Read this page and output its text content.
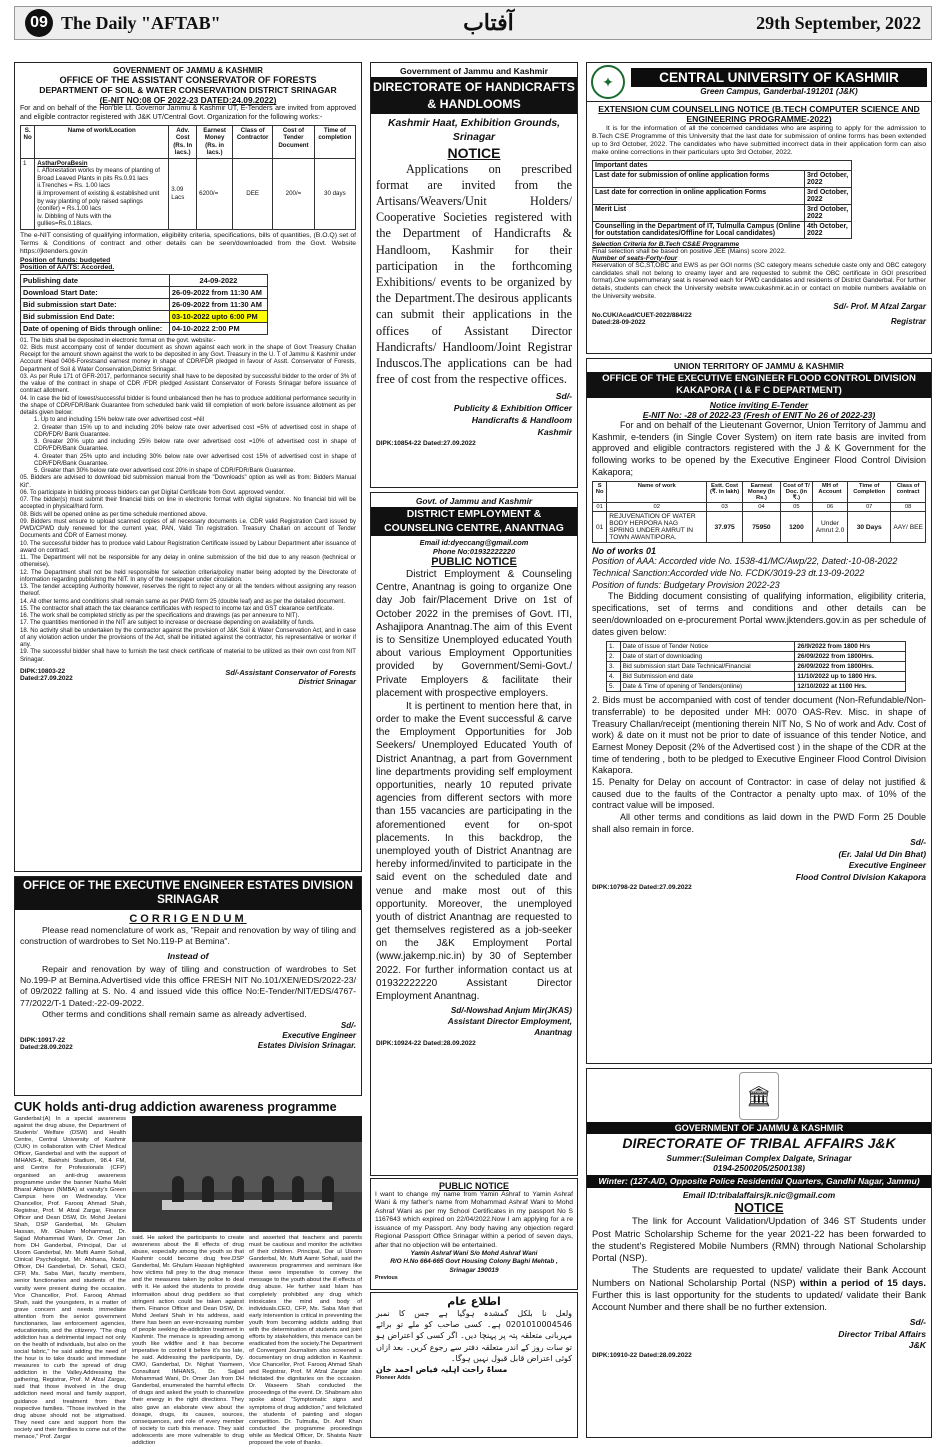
09 The Daily "AFTAB"	آفتاب	29th September, 2022
GOVERNMENT OF JAMMU & KASHMIR
OFFICE OF THE ASSISTANT CONSERVATOR OF FORESTS
DEPARTMENT OF SOIL & WATER CONSERVATION DISTRICT SRINAGAR
(E-NIT NO:08 OF 2022-23 DATED:24.09.2022)
For and on behalf of the Hon'ble Lt. Governor Jammu & Kashmir UT, E-Tenders are invited from approved and eligible contractor registered with J&K UT/Central Govt. Organization for the following works:-
S. No	Name of work/Location	Adv. Cost (Rs. In lacs.)	Earnest Money (Rs. in lacs.)	Class of Contractor	Cost of Tender Document	Time of completion
1	AstharPoraBesin
i. Afforestation works by means of planting of Broad Leaved Plants in pits Rs.0.91 lacs
ii.Trenches = Rs. 1.00 lacs
iii.Improvement of existing & established unit by way planting of poly raised saplings (conifer) = Rs.1.00 lacs
iv. Dibbling of Nuts with the gullies=Rs.0.18lacs.	3.09 Lacs	6200/=	DEE	200/=	30 days
The e-NIT consisting of qualifying information, eligibility criteria, specifications, bills of quantities, (B.O.Q) set of Terms & Conditions of contract and other details can be seen/downloaded from the Govt. Website https://jktenders.gov.in
Position of funds: budgeted
Position of AA/TS: Accorded.
Publishing date	24-09-2022
Download Start Date:	26-09-2022 from 11:30 AM
Bid submission start Date:	26-09-2022 from 11:30 AM
Bid submission End Date:	03-10-2022 upto 6:00 PM
Date of opening of Bids through online:	04-10-2022 2:00 PM

01. The bids shall be deposited in electronic format on the govt. website:-

02. Bids must accompany cost of tender document as shown against each work in the shape of Govt Treasury Challan Receipt for the amount shown against the work to be deposited in any Govt. Treasury in the U. T of Jammu & Kashmir under Account Head 0406-Forestsand earnest money in shape of CDR/FDR pledged in favour of Asstt. Conservator of Forests, Department of Soil & Water Conservation,District Srinagar.

03. As per Rule 171 of GFR-2017, performance security shall have to be deposited by successful bidder to the order of 3% of the value of the contract in shape of CDR /FDR pledged Assistant Conservator of Forests Srinagar before issuance of contract allotment.

04. In case the bid of lowest/successful bidder is found unbalanced then he has to produce additional performance security in the shape of CDR/FDR/Bank Guarantee from scheduled bank valid till completion of work before issuance allotment as per details given below:

1. Up to and including 15% below rate over advertised cost =Nil

2. Greater than 15% up to and including 20% below rate over advertised cost =5% of advertised cost in shape of CDR/FDR/ Bank Guarantee.

3. Greater 20% upto and including 25% below rate over advertised cost =10% of advertised cost in shape of CDR/FDR/Bank Guarantee.

4. Greater than 25% upto and including 30% below rate over advertised cost 15% of advertised cost in shape of CDR/FDR/Bank Guarantee.

5. Greater than 30% below rate over advertised cost 20% in shape of CDR/FDR/Bank Guarantee.

05. Bidders are advised to download bid submission manual from the "Downloads" option as well as from: Bidders Manual Kit".

06. To participate in bidding process bidders can get Digital Certificate from Govt. approved vendor.

07. The bidder(s) must submit their financial bids on line in electronic format with digital signature. No financial bid will be accepted in physical/hard form.

08. Bids will be opened online as per time schedule mentioned above.

09. Bidders must ensure to upload scanned copies of all necessary documents i.e. CDR valid Registration Card issued by PWD/CPWD duly renewed for the current year, PAN, Valid Tin registration. Treasury Challan on account of Tender Documents and CDR of Earnest money.

10. The successful bidder has to produce valid Labour Registration Certificate issued by Labour Department after issuance of award on contract.

11. The Department will not be responsible for any delay in online submission of the bid due to any reason (technical or otherwise).

12. The Department shall not be held responsible for selection criteria/policy matter being adopted by the Directorate of information regarding publishing the NIT. In any of the newspaper under circulation.

13. The tender accepting Authority however, reserves the right to reject any or all the tenders without assigning any reason thereof.

14. All other terms and conditions shall remain same as per PWD form 25 (double leaf) and as per the detailed document.

15. The contractor shall attach the tax clearance certificates with respect to income tax and GST clearance certificate.

16. The work shall be completed strictly as per the specifications and drawings (as per annexure to NIT).

17. The quantities mentioned in the NIT are subject to increase or decrease depending on availability of funds.

18. No activity shall be undertaken by the contractor against the provision of J&K Soil & Water Conservation Act, and in case of any violation action under the provisions of the Act, shall be initiated against the contractor, his representative or worker if any.

19. The successful bidder shall have to furnish the test check certificate of material to be utilized as their own cost from NIT Srinagar.

DIPK:10803-22
Dated:27.09.2022
Sd/-Assistant Conservator of Forests
District Srinagar
OFFICE OF THE EXECUTIVE ENGINEER ESTATES DIVISION SRINAGAR
CORRIGENDUM
Please read nomenclature of work as, "Repair and renovation by way of tiling and construction of wardrobes to Set No.119-P at Bemina".
Instead of
Repair and renovation by way of tiling and construction of wardrobes to Set No.199-P at Bemina.Advertised vide this office FRESH NIT No.101/XEN/EDS/2022-23/ of 09/2022 falling at S. No. 4 and issued vide this office No:E-Tender/NIT/EDS/4767-77/2022/T-1 Dated:-22-09-2022.
Other terms and conditions shall remain same as already advertised.
DIPK:10917-22
Dated:28.09.2022
Sd/-
Executive Engineer
Estates Division Srinagar.
CUK holds anti-drug addiction awareness programme
Ganderbal:(A) In a special awareness against the drug abuse, the Department of Students' Welfare (DSW) and Health Centre, Central University of Kashmir (CUK) in collaboration with Chief Medical Officer, Ganderbal and with the support of IMHANS-K, Bakhshi Stadium, 98.4 FM, and Centre for Professionals (CFP) organised an anti-drug awareness programme under the banner Nasha Mukt Bharat Abhiyan (NMBA) at varsity's Green Campus here on Wednesday. Vice Chancellor, Prof. Farooq Ahmad Shah, Registrar, Prof. M Afzal Zargar, Finance Officer and Dean DSW, Dr. Mohd Jeelani Shah, DSP Ganderbal, Mr. Ghulam Hassan, Mr. Ghulam Mohammad, Dr. Sajjad Mohammad Wani, Dr. Omer Jan from DH Ganderbal, Principal, Dar ul Uloom Ganderbal, Mr. Mufti Aamir Sohail, Clinical Psychologist, Mr. Afshana, Nodal Officer, DH Ganderbal, Dr. Sohail, CEO, CFP, Ms. Saba Mari, faculty members, senior functionaries and students of the varsity were present during the occasion. Vice Chancellor, Prof. Farooq Ahmad Shah, said the youngsters, in a matter of grave concern and needs immediate attention from the senior government functionaries, law enforcement agencies, educationists, and the citizenry. "The drug addiction has a detrimental impact not only on the health of individuals, but also on the social fabric," he said adding the need of the hour is to take drastic and immediate measures to curb the spread of drug addiction in the Valley.Addressing the gathering, Registrar, Prof. M Afzal Zargar, said that those involved in the drug addiction need moral and family support, guidance and treatment from their respective families. "Those involved in the drug abuse should not be stigmatised. They need care and support from the society and their families to come out of the menace," Prof. Zargar
said. He asked the participants to create awareness about the ill effects of drug abuse, especially among the youth so that Kashmir could become drug free.DSP Ganderbal, Mr. Ghulam Hassan highlighted how victims fall prey to the drug menace and the measures taken by police to deal with it. He asked the students to provide information about drug peddlers so that stringent action could be taken against them. Finance Officer and Dean DSW, Dr. Mohd Jeelani Shah in his address, said there has been an ever-increasing number of people seeking de-addiction treatment in Kashmir. The menace is spreading among youth like wildfire and it has become imperative to control it before it's too late, he said. Addressing the participants, Dy. CMO, Ganderbal, Dr. Nighat Yasmeen, Consultant IMHANS, Dr. Sajjad Mohammad Wani, Dr. Omer Jan from DH Ganderbal, enumerated the harmful effects of drugs and asked the youth to channelize their energy in the right directions. They also gave an elaborate view about the dosage, drugs, its causes, sources, consequences, and role of every member of society to curb this menace. They said adolescents are more vulnerable to drug addiction
and asserted that teachers and parents must be cautious and monitor the activities of their children. Principal, Dar ul Uloom Ganderbal, Mr. Mufti Aamir Sohail, said the awareness programmes and seminars like these were imperative to convey the message to the youth about the ill effects of drug abuse. He further said Islam has completely prohibited any drug which intoxicates the mind and body of individuals.CEO, CFP, Ms. Saba Mari that early intervention is critical in preventing the youth from becoming addicts adding that with the determination of students and joint efforts by stakeholders, this menace can be eradicated from the society.The Department of Convergent Journalism also screened a documentary on drug addiction in Kashmir. Vice Chancellor, Prof. Farooq Ahmad Shah and Registrar, Prof. M Afzal Zargar also felicitated the dignitaries on the occasion. Dr. Waseem Shah conducted the proceedings of the event. Dr. Shabnam also spoke about "Symptomatic signs and symptoms of drug addiction," and felicitated the students of painting and slogan competition. Dr. Tulmulla, Dr. Asif Khan conducted the programme proceedings while as Medical Officer, Dr. Shaista Nazir proposed the vote of thanks.
Government of Jammu and Kashmir
DIRECTORATE OF HANDICRAFTS & HANDLOOMS
Kashmir Haat, Exhibition Grounds, Srinagar
NOTICE
Applications on prescribed format are invited from the Artisans/Weavers/Unit Holders/ Cooperative Societies registered with the Department of Handicrafts & Handloom, Kashmir for their participation in the forthcoming Exhibitions/ events to be organized by the Department.The desirous applicants can submit their applications in the offices of Assistant Director Handicrafts/ Handloom/Joint Registrar Induscos.The applications can be had free of cost from the respective offices.
Sd/-
Publicity & Exhibition Officer
Handicrafts & Handloom
Kashmir
DIPK:10854-22 Dated:27.09.2022
Govt. of Jammu and Kashmir
DISTRICT EMPLOYMENT & COUNSELING CENTRE, ANANTNAG
Email id:dyeccang@gmail.com
Phone No:01932222220
PUBLIC NOTICE
District Employment & Counseling Centre, Anantnag is going to organize One day Job fair/Placement Drive on 1st of October 2022 in the premises of Govt. ITI, Ashajipora Anantnag.The aim of this Event is to Sensitize Unemployed educated Youth about various Employment Opportunities provided by Government/Semi-Govt./ Private Employers & facilitate their placement with prospective employers.
It is pertinent to mention here that, in order to make the Event successful & carve the Employment Opportunities for Job Seekers/ Unemployed Educated Youth of District Anantnag, a part from Government line departments providing self employment opportunities, nearly 10 reputed private agencies from different sectors with more than 155 vacancies are participating in the aforementioned event for on-spot placements. In this backdrop, the unemployed youth of District Anantnag are hereby informed/invited to participate in the said event on the scheduled date and venue and make most out of this opportunity. Moreover, the unemployed youth of district Anantnag are requested to get themselves registered as a job-seeker on the J&K Employment Portal (www.jakemp.nic.in) by 30 of September 2022. For further information contact us at 01932222220 Assistant Director Employment Anantnag.
Sd/-Nowshad Anjum Mir(JKAS)
Assistant Director Employment,
Anantnag
DIPK:10924-22 Dated:28.09.2022
PUBLIC NOTICE
I want to change my name from Yamin Ashraf to Yamin Ashraf Wani & my father's name from Mohammad Ashraf Wani to Mohd Ashraf Wani as per my School Certificates in my passport No S 1167643 which expired on 22/04/2022.Now I am applying for a re issuance of my Passport. Any body having any objection regard Regional Passport Office Srinagar within a period of seven days, after that no objection will be entertained.
Yamin Ashraf Wani S/o Mohd Ashraf Wani
R/O H.No 664-665 Govt Housing Colony Baghi Mehtab ,
Srinagar 190019
Previous
اطلاع عام
ولعل نا بلکل گمشدہ ہوگیا ہے جس کا نمبر 0201010004546 ہے۔ کسی صاحب کو ملے تو برائے مہربانی متعلقہ پتہ پر پہنچا دیں۔ اگر کسی کو اعتراض ہو تو سات روز کے اندر متعلقہ دفتر سے رجوع کریں۔ بعد ازاں کوئی اعتراض قابل قبول نہیں ہوگا۔
مساۃ راحت اہلیہ فیاض احمد خان
Pioneer Adds
✦	CENTRAL UNIVERSITY OF KASHMIR
Green Campus, Ganderbal-191201 (J&K)
EXTENSION CUM COUNSELLING NOTICE (B.TECH COMPUTER SCIENCE AND ENGINEERING PROGRAMME-2022)
It is for the information of all the concerned candidates who are aspiring to apply for the admission to B.Tech CSE Programme of this University that the last date for submission of online forms has been extended up to 3rd October, 2022. The candidates who have submitted incorrect data in their application form can also make online corrections in their particulars upto 3rd October, 2022.
Important dates	
Last date for submission of online application forms	3rd October, 2022
Last date for correction in online application Forms	3rd October, 2022
Merit List	3rd October, 2022
Counselling in the Department of IT, Tulmulla Campus (Online for outstation candidates/Offline for Local candidates)	4th October, 2022
Selection Criteria for B.Tech CS&E Programme
Final selection shall be based on positive JEE (Mains) score 2022.
Number of seats-Forty-four
Reservation of SC,ST,OBC and EWS as per GOI norms (SC category means schedule caste only and OBC category candidates shall not belong to creamy layer and are requested to submit the OBC certificate in GOI prescribed format).One supernumerary seat is reserved each for PWD candidates and residents of District Ganderbal. For further details, students can check the University website www.cukashmir.ac.in or contact on mobile numbers available on the University website.
Sd/- Prof. M Afzal Zargar
No.CUK/Acad/CUET-2022/884/22
Dated:28-09-2022	Registrar
UNION TERRITORY OF JAMMU & KASHMIR
OFFICE OF THE EXECUTIVE ENGINEER FLOOD CONTROL DIVISION KAKAPORA ( I & F C DEPARTMENT)
Notice inviting E-Tender
E-NIT No: -28 of 2022-23 (Fresh of ENIT No 26 of 2022-23)
For and on behalf of the Lieutenant Governor, Union Territory of Jammu and Kashmir, e-tenders (in Single Cover System) on item rate basis are invited from approved and eligible contractors registered with the J & K Government for the following works to be opened by the Executive Engineer Flood Control Division Kakapora;
S No	Name of work	Estt. Cost (₹. in lakh)	Earnest Money (In Rs.)	Cost of T/ Doc. (in ₹.)	MH of Account	Time of Completion	Class of contract
01	02	03	04	05	06	07	08
01	REJUVENATION OF WATER BODY HERPORA NAG SPRING UNDER AMRUT IN TOWN AWANTIPORA.	37.975	75950	1200	Under Amrut 2.0	30 Days	AAY/ BEE
No of works 01
Position of AAA: Accorded vide No. 1538-41/MC/Awp/22, Dated:-10-08-2022
Technical Sanction:Accorded vide No. FCDK/3019-23 dt.13-09-2022
Position of funds: Budgetary Provision 2022-23
The Bidding document consisting of qualifying information, eligibility criteria, specifications, set of terms and conditions and other details can be seen/downloaded on e-procurement Portal www.jktenders.gov.in as per schedule of dates given below:
1.	Date of issue of Tender Notice	26/9/2022 from 1800 Hrs
2.	Date of start of downloading	26/09/2022 from 1800Hrs.
3.	Bid submission start Date Technical/Financial	26/09/2022 from 1800Hrs.
4.	Bid Submission end date	11/10/2022 up to 1800 Hrs.
5.	Date & Time of opening of Tenders(online)	12/10/2022 at 1100 Hrs.
2. Bids must be accompanied with cost of tender document (Non-Refundable/Non- transferrable) to be deposited under MH: 0070 OAS-Rev. Misc. in shape of Treasury Challan/receipt (mentioning therein NIT No, S No of work and Adv. Cost of work) & date on it must not be prior to date of issuance of this tender Notice, and Earnest Money Deposit (2% of the Advertised cost ) in the shape of the CDR at the time of tendering , both to be pledged to Executive Engineer Flood Control Division Kakapora.
15. Penalty for Delay on account of Contractor: in case of delay not justified & caused due to the faults of the Contractor a penalty upto max. of 10% of the contract value will be imposed.
All other terms and conditions as laid down in the PWD Form 25 Double shall also remain in force.
Sd/-
(Er. Jalal Ud Din Bhat)
Executive Engineer
Flood Control Division Kakapora
DIPK:10798-22 Dated:27.09.2022
🏛
GOVERNMENT OF JAMMU & KASHMIR
DIRECTORATE OF TRIBAL AFFAIRS J&K
Summer:(Suleiman Complex Dalgate, Srinagar
0194-2500205/2500138)
Winter: (127-A/D, Opposite Police Residential Quarters, Gandhi Nagar, Jammu)
Email ID:tribalaffairsjk.nic@gmail.com
NOTICE
The link for Account Validation/Updation of 346 ST Students under Post Matric Scholarship Scheme for the year 2021-22 has been forwarded to the student's Registered Mobile Numbers (RMN) through National Scholarship Portal (NSP).
The Students are requested to update/ validate their Bank Account Numbers on National Scholarship Portal (NSP) within a period of 15 days. Further this is last opportunity for the students to updated/ validate their Bank Account Number and there shall be no further extension.
Sd/-
Director Tribal Affairs
J&K
DIPK:10910-22 Dated:28.09.2022
